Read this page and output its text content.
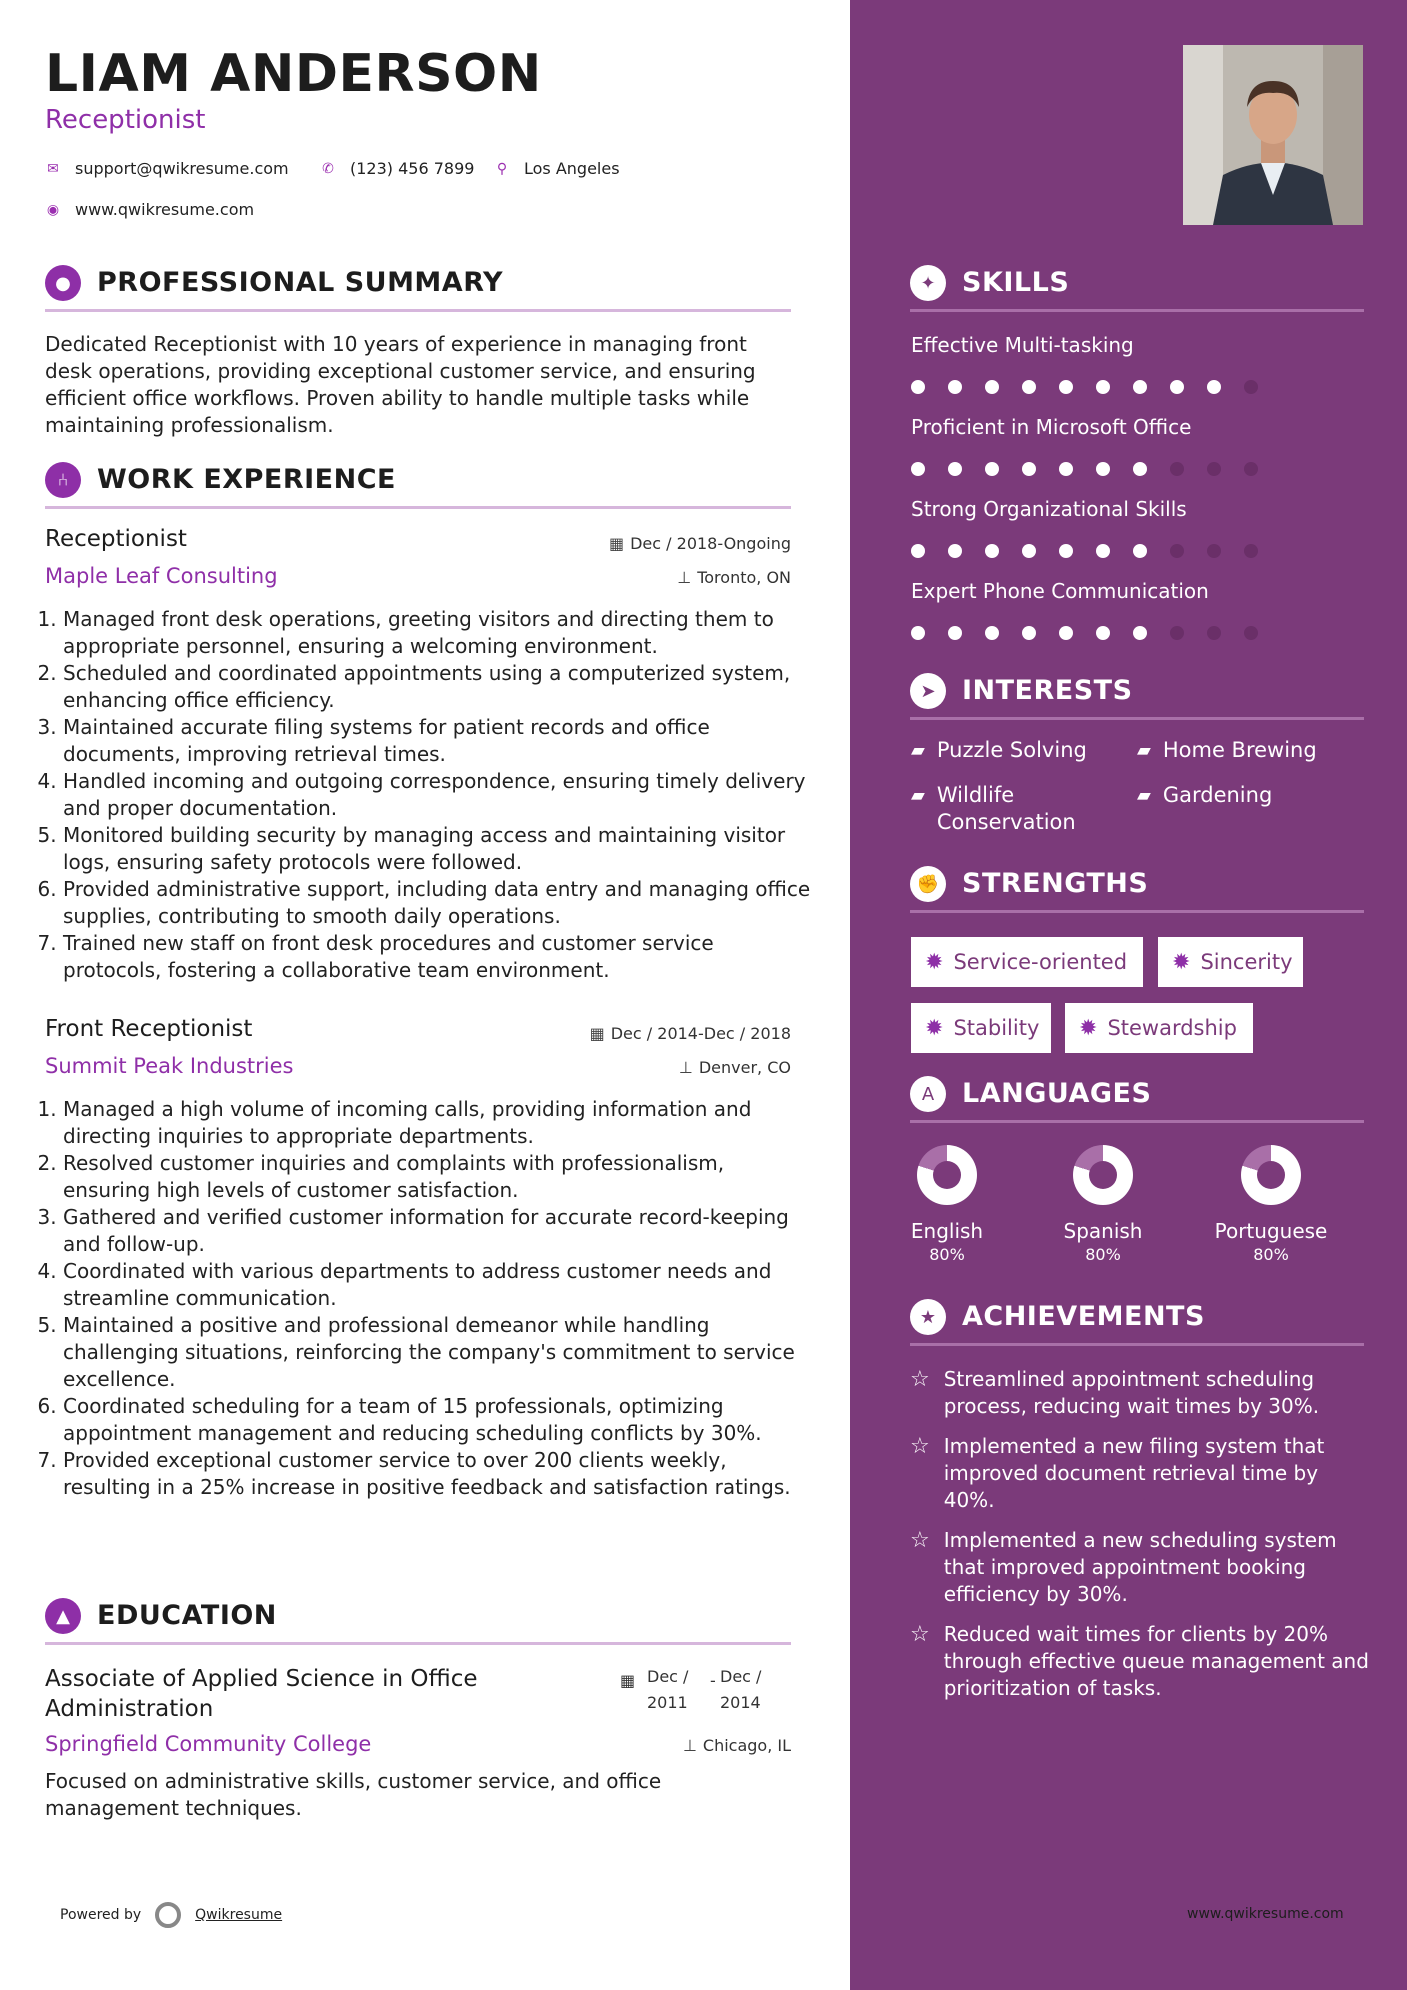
LIAM ANDERSON
Receptionist
✉ support@qwikresume.com ✆ (123) 456 7899 ⚲ Los Angeles
◉ www.qwikresume.com
● PROFESSIONAL SUMMARY
Dedicated Receptionist with 10 years of experience in managing front desk operations, providing exceptional customer service, and ensuring efficient office workflows. Proven ability to handle multiple tasks while maintaining professionalism.
⑃	WORK EXPERIENCE
Receptionist	▦ Dec / 2018-Ongoing
Maple Leaf Consulting	⊥ Toronto, ON
1. Managed front desk operations, greeting visitors and directing them to appropriate personnel, ensuring a welcoming environment.
2. Scheduled and coordinated appointments using a computerized system, enhancing office efficiency.
3. Maintained accurate filing systems for patient records and office documents, improving retrieval times.
4. Handled incoming and outgoing correspondence, ensuring timely delivery and proper documentation.
5. Monitored building security by managing access and maintaining visitor logs, ensuring safety protocols were followed.
6. Provided administrative support, including data entry and managing office supplies, contributing to smooth daily operations.
7. Trained new staff on front desk procedures and customer service protocols, fostering a collaborative team environment.
Front Receptionist	▦ Dec / 2014-Dec / 2018
Summit Peak Industries	⊥ Denver, CO
1. Managed a high volume of incoming calls, providing information and directing inquiries to appropriate departments.
2. Resolved customer inquiries and complaints with professionalism, ensuring high levels of customer satisfaction.
3. Gathered and verified customer information for accurate record-keeping and follow-up.
4. Coordinated with various departments to address customer needs and streamline communication.
5. Maintained a positive and professional demeanor while handling challenging situations, reinforcing the company's commitment to service excellence.
6. Coordinated scheduling for a team of 15 professionals, optimizing appointment management and reducing scheduling conflicts by 30%.
7. Provided exceptional customer service to over 200 clients weekly, resulting in a 25% increase in positive feedback and satisfaction ratings.
▲	EDUCATION
Associate of Applied Science in Office Administration
▦ Dec /
2011
- Dec /
2014
Springfield Community College	⊥ Chicago, IL
Focused on administrative skills, customer service, and office management techniques.
Powered by	Qwikresume	www.qwikresume.com
✦ SKILLS
Effective Multi-tasking
Proficient in Microsoft Office
Strong Organizational Skills
Expert Phone Communication
➤ INTERESTS
▰ Puzzle Solving	▰ Home Brewing
▰ Wildlife Conservation
▰ Gardening
✊ STRENGTHS
✹ Service-oriented ✹ Sincerity
✹ Stability ✹ Stewardship
A	LANGUAGES
English
80%
Spanish
80%
Portuguese
80%
★ ACHIEVEMENTS
☆ Streamlined appointment scheduling process, reducing wait times by 30%.
☆ Implemented a new filing system that improved document retrieval time by 40%.
☆ Implemented a new scheduling system that improved appointment booking efficiency by 30%.
☆ Reduced wait times for clients by 20% through effective queue management and prioritization of tasks.
